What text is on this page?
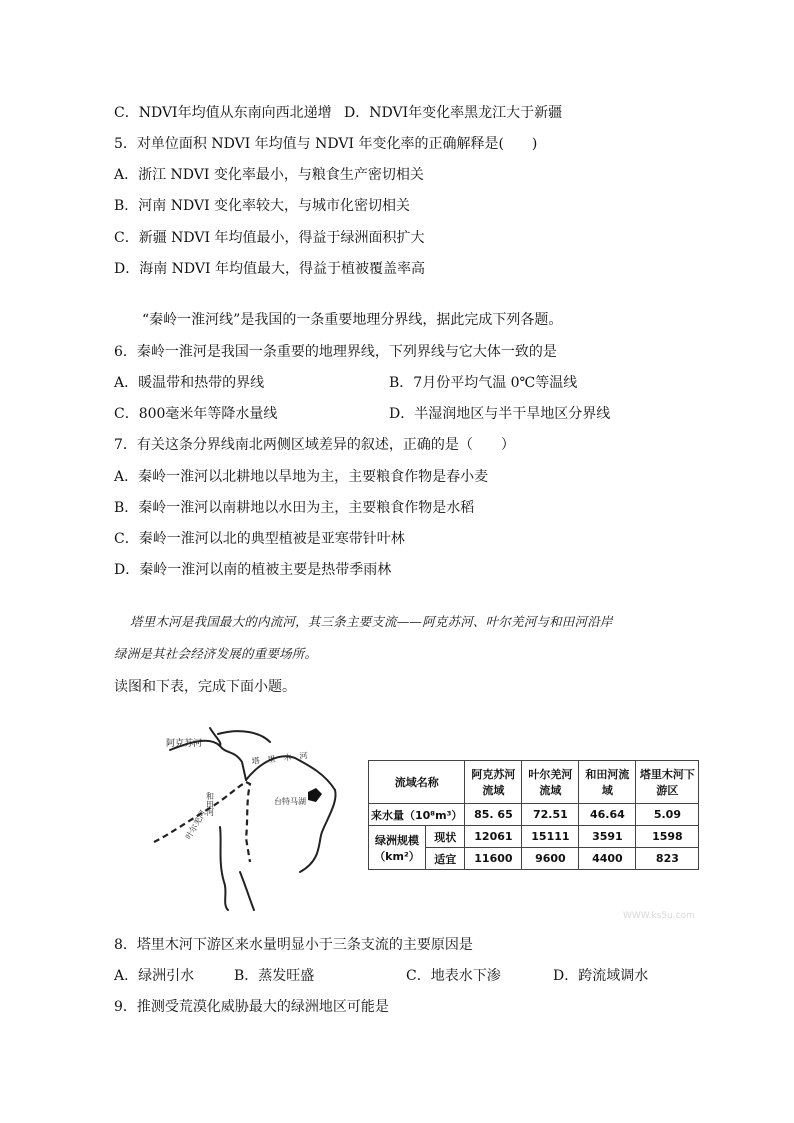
C．NDVI年均值从东南向西北递增 D．NDVI年变化率黑龙江大于新疆
5．对单位面积 NDVI 年均值与 NDVI 年变化率的正确解释是(　　)
A．浙江 NDVI 变化率最小，与粮食生产密切相关
B．河南 NDVI 变化率较大，与城市化密切相关
C．新疆 NDVI 年均值最小，得益于绿洲面积扩大
D．海南 NDVI 年均值最大，得益于植被覆盖率高
　“秦岭一淮河线”是我国的一条重要地理分界线，据此完成下列各题。
6．秦岭一淮河是我国一条重要的地理界线，下列界线与它大体一致的是
A．暖温带和热带的界线	B．7月份平均气温 0℃等温线
C．800毫米年等降水量线	D．半湿润地区与半干旱地区分界线
7．有关这条分界线南北两侧区域差异的叙述，正确的是（　　）
A．秦岭一淮河以北耕地以旱地为主，主要粮食作物是春小麦
B．秦岭一淮河以南耕地以水田为主，主要粮食作物是水稻
C．秦岭一淮河以北的典型植被是亚寒带针叶林
D．秦岭一淮河以南的植被主要是热带季雨林
塔里木河是我国最大的内流河，其三条主要支流——阿克苏河、叶尔羌河与和田河沿岸
绿洲是其社会经济发展的重要场所。
读图和下表，完成下面小题。
阿克苏河
塔　里　木　河
台特马湖
叶尔羌河
和田河
流域名称		阿克苏河流域	叶尔羌河流域	和田河流域	塔里木河下游区
来水量（10⁸m³）		85. 65	72.51	46.64	5.09
绿洲规模（km²）	现状	12061	15111	3591	1598
	适宜	11600	9600	4400	823
WWW.ks5u.com
8．塔里木河下游区来水量明显小于三条支流的主要原因是
A．绿洲引水	B．蒸发旺盛	C．地表水下渗	D．跨流域调水
9．推测受荒漠化威胁最大的绿洲地区可能是
